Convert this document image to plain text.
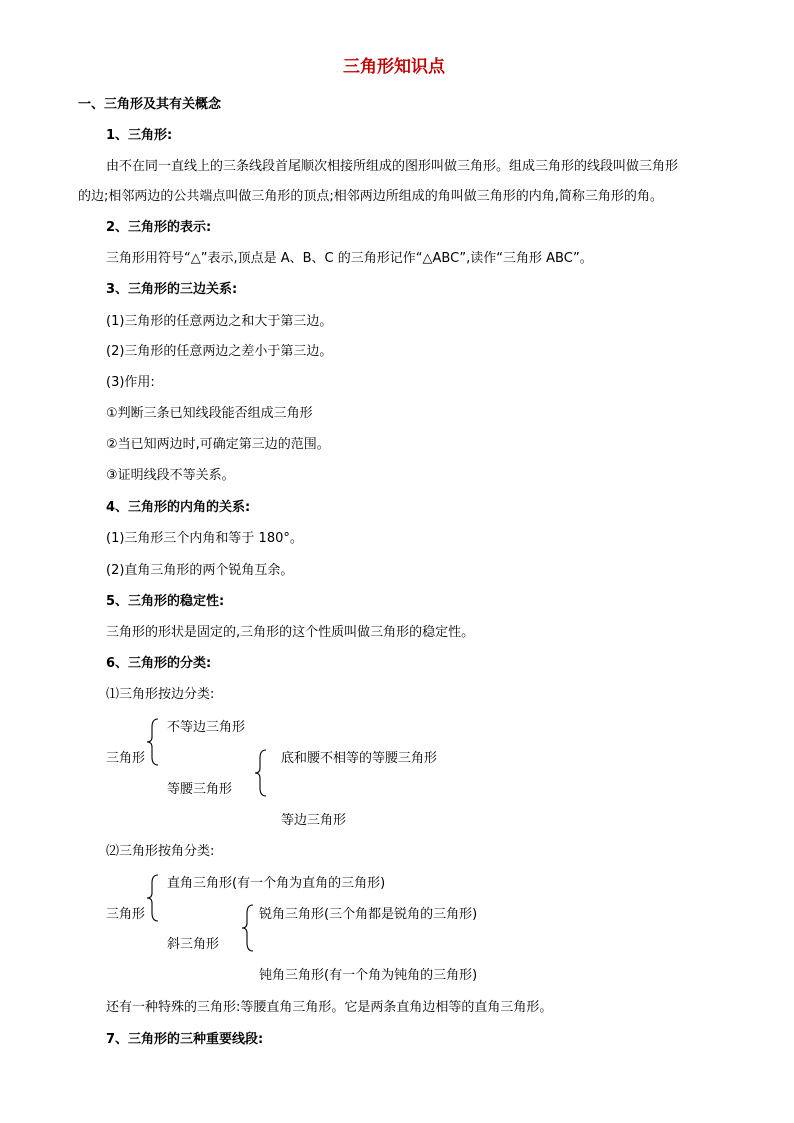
三角形知识点
一、三角形及其有关概念
1、三角形:
由不在同一直线上的三条线段首尾顺次相接所组成的图形叫做三角形。组成三角形的线段叫做三角形
的边;相邻两边的公共端点叫做三角形的顶点;相邻两边所组成的角叫做三角形的内角,简称三角形的角。
2、三角形的表示:
三角形用符号“△”表示,顶点是 A、B、C 的三角形记作“△ABC”,读作“三角形 ABC”。
3、三角形的三边关系:
(1)三角形的任意两边之和大于第三边。
(2)三角形的任意两边之差小于第三边。
(3)作用:
①判断三条已知线段能否组成三角形
②当已知两边时,可确定第三边的范围。
③证明线段不等关系。
4、三角形的内角的关系:
(1)三角形三个内角和等于 180°。
(2)直角三角形的两个锐角互余。
5、三角形的稳定性:
三角形的形状是固定的,三角形的这个性质叫做三角形的稳定性。
6、三角形的分类:
⑴三角形按边分类:
三角形
不等边三角形
等腰三角形
底和腰不相等的等腰三角形
等边三角形
⑵三角形按角分类:
三角形
直角三角形(有一个角为直角的三角形)
斜三角形
锐角三角形(三个角都是锐角的三角形)
钝角三角形(有一个角为钝角的三角形)
还有一种特殊的三角形:等腰直角三角形。它是两条直角边相等的直角三角形。
7、三角形的三种重要线段:
